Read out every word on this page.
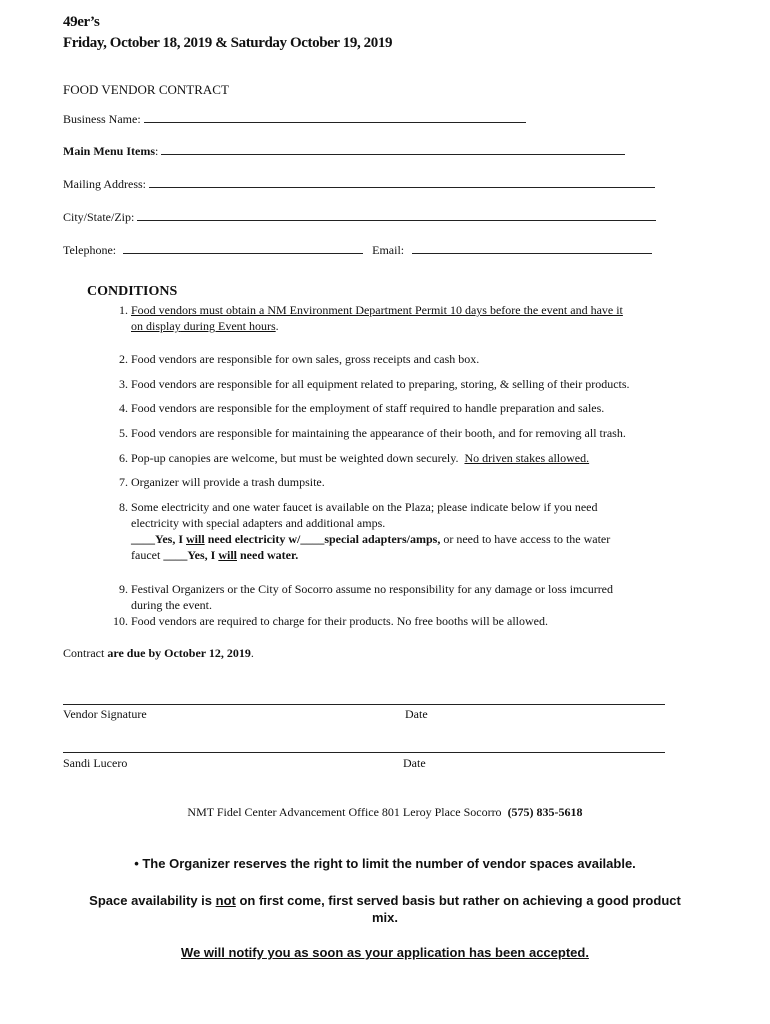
49er’s
Friday, October 18, 2019 & Saturday October 19, 2019
FOOD VENDOR CONTRACT
Business Name:
Main Menu Items:
Mailing Address:
City/State/Zip:
Telephone:	Email:
CONDITIONS
1. Food vendors must obtain a NM Environment Department Permit 10 days before the event and have it
on display during Event hours.
2. Food vendors are responsible for own sales, gross receipts and cash box.
3. Food vendors are responsible for all equipment related to preparing, storing, & selling of their products.
4. Food vendors are responsible for the employment of staff required to handle preparation and sales.
5. Food vendors are responsible for maintaining the appearance of their booth, and for removing all trash.
6. Pop-up canopies are welcome, but must be weighted down securely. No driven stakes allowed.
7. Organizer will provide a trash dumpsite.
8. Some electricity and one water faucet is available on the Plaza; please indicate below if you need
electricity with special adapters and additional amps.
____Yes, I will need electricity w/____special adapters/amps, or need to have access to the water
faucet ____Yes, I will need water.
9. Festival Organizers or the City of Socorro assume no responsibility for any damage or loss imcurred
during the event.
10. Food vendors are required to charge for their products. No free booths will be allowed.
Contract are due by October 12, 2019.
Vendor Signature	Date
Sandi Lucero	Date
NMT Fidel Center Advancement Office 801 Leroy Place Socorro (575) 835-5618
• The Organizer reserves the right to limit the number of vendor spaces available.
Space availability is not on first come, first served basis but rather on achieving a good product
mix.
We will notify you as soon as your application has been accepted.
